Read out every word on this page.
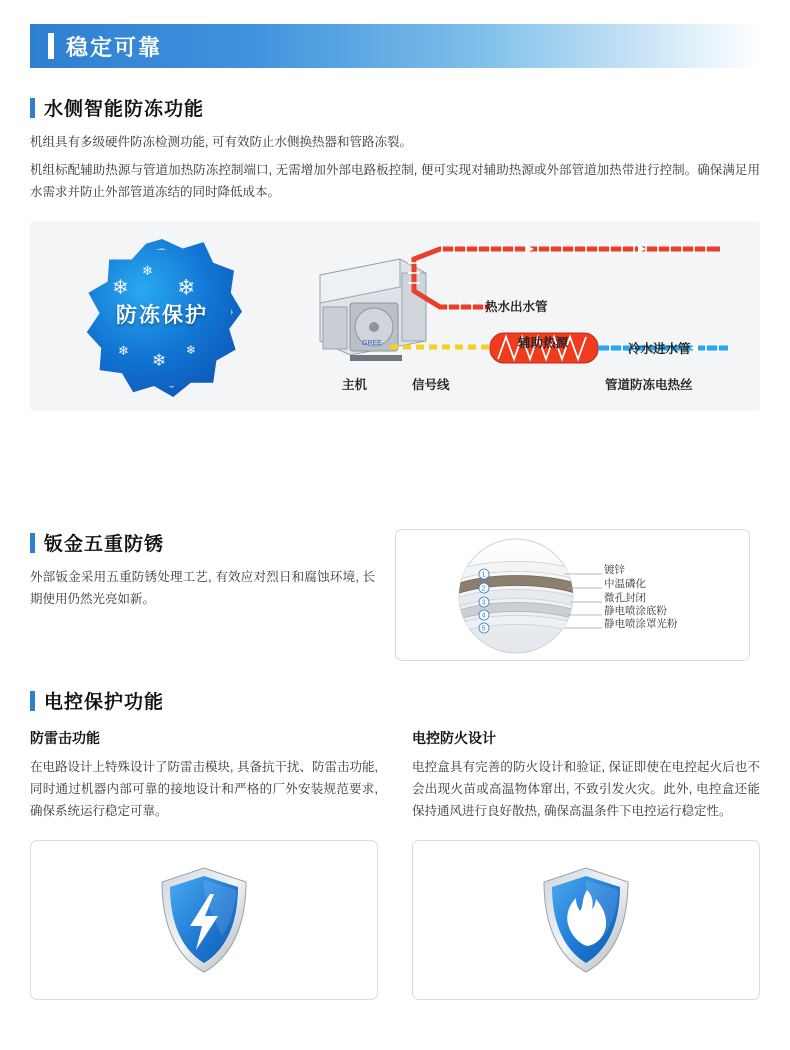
稳定可靠
水侧智能防冻功能
机组具有多级硬件防冻检测功能, 可有效防止水侧换热器和管路冻裂。
机组标配辅助热源与管道加热防冻控制端口, 无需增加外部电路板控制, 便可实现对辅助热源或外部管道加热带进行控制。确保满足用水需求并防止外部管道冻结的同时降低成本。
❄
❄
❄
❄
❄
❄
防冻保护
GREE
热水出水管
辅助热源	冷水进水管
主机	信号线	管道防冻电热丝
钣金五重防锈
外部钣金采用五重防锈处理工艺, 有效应对烈日和腐蚀环境, 长期使用仍然光亮如新。
1
2
3
4
5
镀锌
中温磷化
微孔封闭
静电喷涂底粉
静电喷涂罩光粉
电控保护功能
防雷击功能

在电路设计上特殊设计了防雷击模块, 具备抗干扰、防雷击功能, 同时通过机器内部可靠的接地设计和严格的厂外安装规范要求, 确保系统运行稳定可靠。

电控防火设计

电控盒具有完善的防火设计和验证, 保证即使在电控起火后也不会出现火苗或高温物体窜出, 不致引发火灾。此外, 电控盒还能保持通风进行良好散热, 确保高温条件下电控运行稳定性。
